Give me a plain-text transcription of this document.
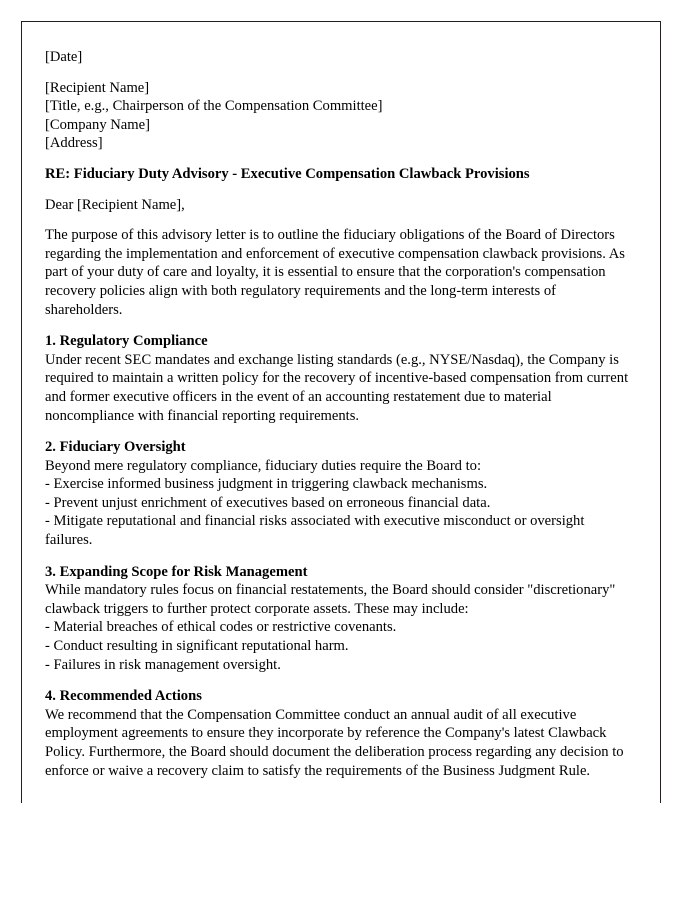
[Date]
[Recipient Name]
[Title, e.g., Chairperson of the Compensation Committee]
[Company Name]
[Address]
RE: Fiduciary Duty Advisory - Executive Compensation Clawback Provisions
Dear [Recipient Name],
The purpose of this advisory letter is to outline the fiduciary obligations of the Board of Directors regarding the implementation and enforcement of executive compensation clawback provisions. As part of your duty of care and loyalty, it is essential to ensure that the corporation's compensation recovery policies align with both regulatory requirements and the long-term interests of shareholders.
1. Regulatory Compliance
Under recent SEC mandates and exchange listing standards (e.g., NYSE/Nasdaq), the Company is required to maintain a written policy for the recovery of incentive-based compensation from current and former executive officers in the event of an accounting restatement due to material noncompliance with financial reporting requirements.
2. Fiduciary Oversight
Beyond mere regulatory compliance, fiduciary duties require the Board to:
- Exercise informed business judgment in triggering clawback mechanisms.
- Prevent unjust enrichment of executives based on erroneous financial data.
- Mitigate reputational and financial risks associated with executive misconduct or oversight failures.
3. Expanding Scope for Risk Management
While mandatory rules focus on financial restatements, the Board should consider "discretionary" clawback triggers to further protect corporate assets. These may include:
- Material breaches of ethical codes or restrictive covenants.
- Conduct resulting in significant reputational harm.
- Failures in risk management oversight.
4. Recommended Actions
We recommend that the Compensation Committee conduct an annual audit of all executive employment agreements to ensure they incorporate by reference the Company's latest Clawback Policy. Furthermore, the Board should document the deliberation process regarding any decision to enforce or waive a recovery claim to satisfy the requirements of the Business Judgment Rule.
